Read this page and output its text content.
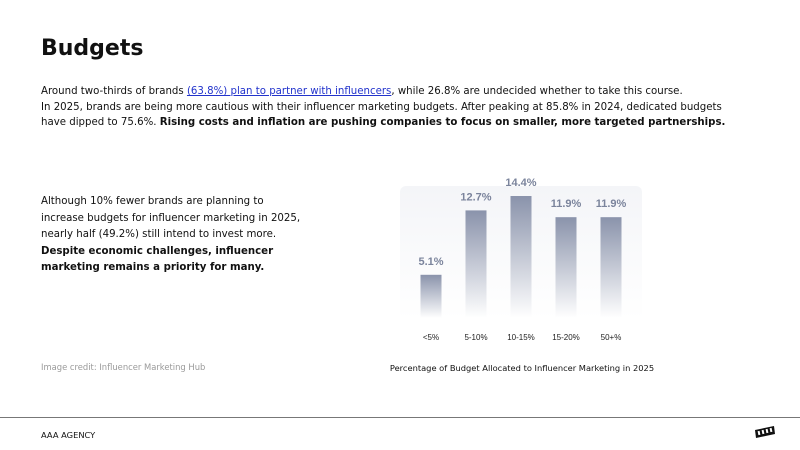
Budgets

Around two-thirds of brands (63.8%) plan to partner with influencers, while 26.8% are undecided whether to take this course.

In 2025, brands are being more cautious with their influencer marketing budgets. After peaking at 85.8% in 2024, dedicated budgets have dipped to 75.6%. Rising costs and inflation are pushing companies to focus on smaller, more targeted partnerships.

Although 10% fewer brands are planning to increase budgets for influencer marketing in 2025, nearly half (49.2%) still intend to invest more. Despite economic challenges, influencer marketing remains a priority for many.
Image credit: Influencer Marketing Hub
5.1%
<5%
12.7%
5-10%
14.4%
10-15%
11.9%
15-20%
11.9%
50+%
Percentage of Budget Allocated to Influencer Marketing in 2025
AAA AGENCY
